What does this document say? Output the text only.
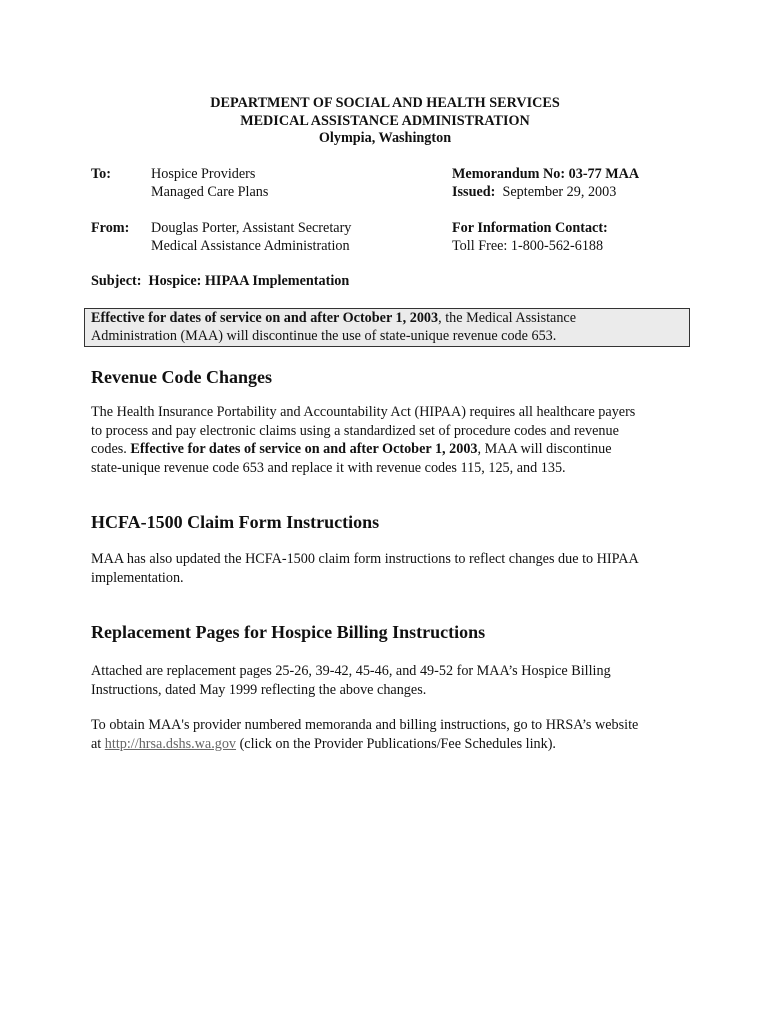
DEPARTMENT OF SOCIAL AND HEALTH SERVICES
MEDICAL ASSISTANCE ADMINISTRATION
Olympia, Washington
To:	Hospice Providers
Managed Care Plans
Memorandum No: 03-77 MAA
Issued: September 29, 2003
From: Douglas Porter, Assistant Secretary
Medical Assistance Administration
For Information Contact:
Toll Free: 1-800-562-6188
Subject: Hospice: HIPAA Implementation
Effective for dates of service on and after October 1, 2003, the Medical Assistance
Administration (MAA) will discontinue the use of state-unique revenue code 653.
Revenue Code Changes

The Health Insurance Portability and Accountability Act (HIPAA) requires all healthcare payers
to process and pay electronic claims using a standardized set of procedure codes and revenue
codes. Effective for dates of service on and after October 1, 2003, MAA will discontinue
state-unique revenue code 653 and replace it with revenue codes 115, 125, and 135.

HCFA-1500 Claim Form Instructions

MAA has also updated the HCFA-1500 claim form instructions to reflect changes due to HIPAA
implementation.

Replacement Pages for Hospice Billing Instructions

Attached are replacement pages 25-26, 39-42, 45-46, and 49-52 for MAA’s Hospice Billing
Instructions, dated May 1999 reflecting the above changes.

To obtain MAA's provider numbered memoranda and billing instructions, go to HRSA’s website
at http://hrsa.dshs.wa.gov (click on the Provider Publications/Fee Schedules link).
